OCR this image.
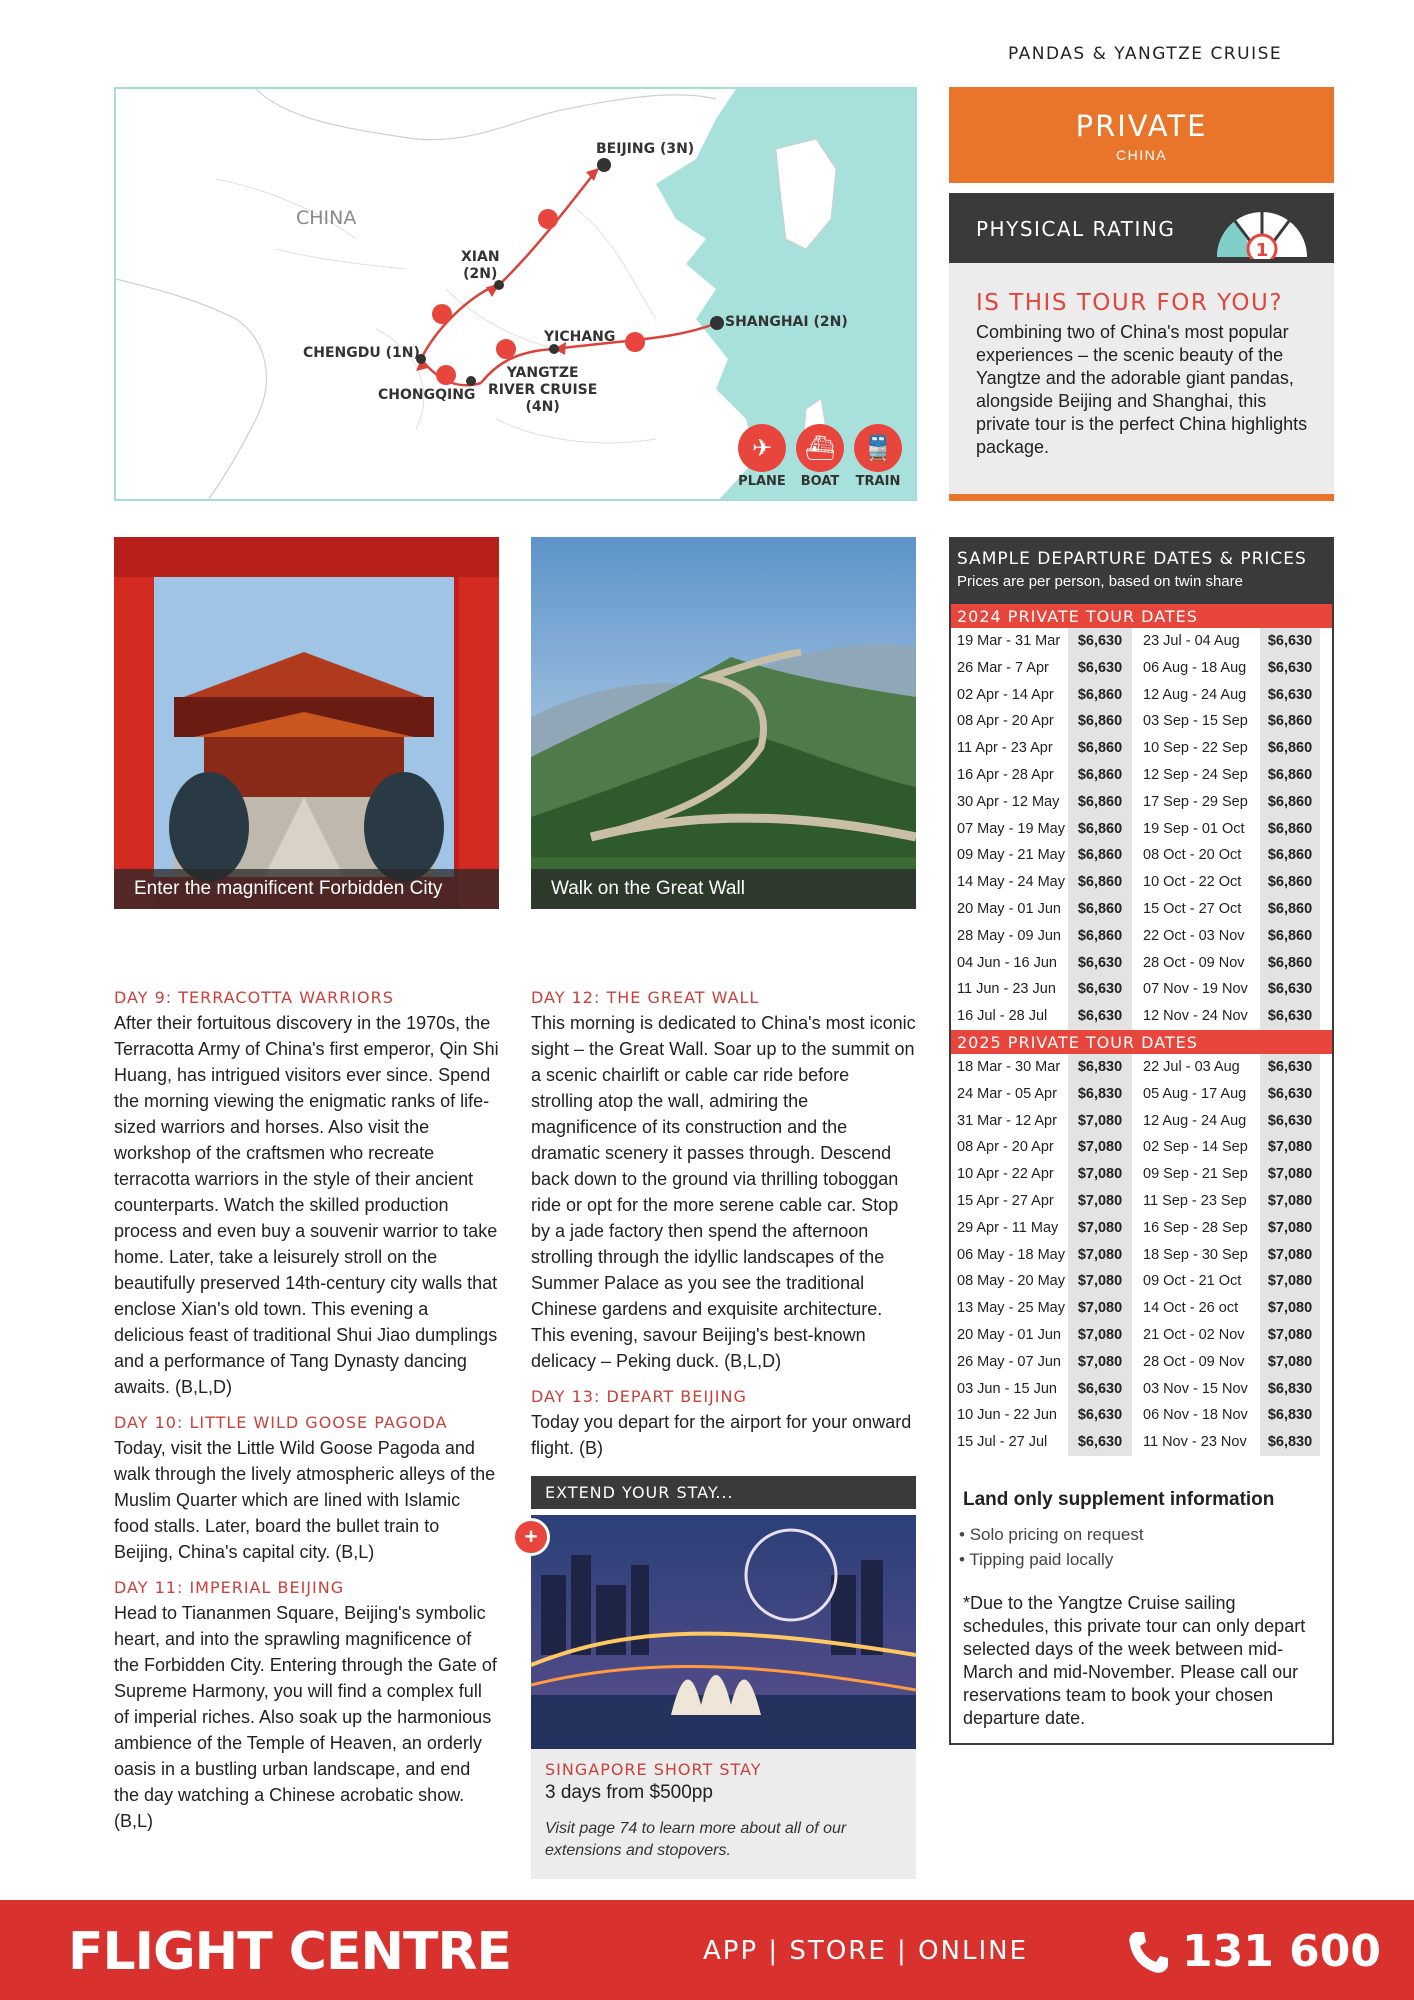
PANDAS & YANGTZE CRUISE
CHINA
BEIJING (3N)
XIAN
(2N)
CHENGDU (1N)
CHONGQING
YICHANG
SHANGHAI (2N)
YANGTZE
RIVER CRUISE
(4N)
✈
PLANE
⛴
BOAT
🚆
TRAIN
PRIVATE
CHINA
PHYSICAL RATING
1
IS THIS TOUR FOR YOU?
Combining two of China's most popular experiences – the scenic beauty of the Yangtze and the adorable giant pandas, alongside Beijing and Shanghai, this private tour is the perfect China highlights package.
Enter the magnificent Forbidden City	Walk on the Great Wall
DAY 9: TERRACOTTA WARRIORS
After their fortuitous discovery in the 1970s, the Terracotta Army of China's first emperor, Qin Shi Huang, has intrigued visitors ever since. Spend the morning viewing the enigmatic ranks of life-sized warriors and horses. Also visit the workshop of the craftsmen who recreate terracotta warriors in the style of their ancient counterparts. Watch the skilled production process and even buy a souvenir warrior to take home. Later, take a leisurely stroll on the beautifully preserved 14th-century city walls that enclose Xian's old town. This evening a delicious feast of traditional Shui Jiao dumplings and a performance of Tang Dynasty dancing awaits. (B,L,D)
DAY 10: LITTLE WILD GOOSE PAGODA
Today, visit the Little Wild Goose Pagoda and walk through the lively atmospheric alleys of the Muslim Quarter which are lined with Islamic food stalls. Later, board the bullet train to Beijing, China's capital city. (B,L)
DAY 11: IMPERIAL BEIJING
Head to Tiananmen Square, Beijing's symbolic heart, and into the sprawling magnificence of the Forbidden City. Entering through the Gate of Supreme Harmony, you will find a complex full of imperial riches. Also soak up the harmonious ambience of the Temple of Heaven, an orderly oasis in a bustling urban landscape, and end the day watching a Chinese acrobatic show. (B,L)
DAY 12: THE GREAT WALL
This morning is dedicated to China's most iconic sight – the Great Wall. Soar up to the summit on a scenic chairlift or cable car ride before strolling atop the wall, admiring the magnificence of its construction and the dramatic scenery it passes through. Descend back down to the ground via thrilling toboggan ride or opt for the more serene cable car. Stop by a jade factory then spend the afternoon strolling through the idyllic landscapes of the Summer Palace as you see the traditional Chinese gardens and exquisite architecture. This evening, savour Beijing's best-known delicacy – Peking duck. (B,L,D)
DAY 13: DEPART BEIJING
Today you depart for the airport for your onward flight. (B)
EXTEND YOUR STAY...
+
SINGAPORE SHORT STAY
3 days from $500pp
Visit page 74 to learn more about all of our extensions and stopovers.
SAMPLE DEPARTURE DATES & PRICES
Prices are per person, based on twin share
2024 PRIVATE TOUR DATES
19 Mar - 31 Mar	$6,630	23 Jul - 04 Aug	$6,630
26 Mar - 7 Apr	$6,630	06 Aug - 18 Aug	$6,630
02 Apr - 14 Apr	$6,860	12 Aug - 24 Aug	$6,630
08 Apr - 20 Apr	$6,860	03 Sep - 15 Sep	$6,860
11 Apr - 23 Apr	$6,860	10 Sep - 22 Sep	$6,860
16 Apr - 28 Apr	$6,860	12 Sep - 24 Sep	$6,860
30 Apr - 12 May	$6,860	17 Sep - 29 Sep	$6,860
07 May - 19 May $6,860	19 Sep - 01 Oct	$6,860
09 May - 21 May $6,860	08 Oct - 20 Oct	$6,860
14 May - 24 May $6,860	10 Oct - 22 Oct	$6,860
20 May - 01 Jun	$6,860	15 Oct - 27 Oct	$6,860
28 May - 09 Jun	$6,860	22 Oct - 03 Nov	$6,860
04 Jun - 16 Jun	$6,630	28 Oct - 09 Nov	$6,860
11 Jun - 23 Jun	$6,630	07 Nov - 19 Nov	$6,630
16 Jul - 28 Jul	$6,630	12 Nov - 24 Nov	$6,630
2025 PRIVATE TOUR DATES
18 Mar - 30 Mar	$6,830	22 Jul - 03 Aug	$6,630
24 Mar - 05 Apr	$6,830	05 Aug - 17 Aug	$6,630
31 Mar - 12 Apr	$7,080	12 Aug - 24 Aug	$6,630
08 Apr - 20 Apr	$7,080	02 Sep - 14 Sep	$7,080
10 Apr - 22 Apr	$7,080	09 Sep - 21 Sep	$7,080
15 Apr - 27 Apr	$7,080	11 Sep - 23 Sep	$7,080
29 Apr - 11 May	$7,080	16 Sep - 28 Sep	$7,080
06 May - 18 May $7,080	18 Sep - 30 Sep	$7,080
08 May - 20 May $7,080	09 Oct - 21 Oct	$7,080
13 May - 25 May $7,080	14 Oct - 26 oct	$7,080
20 May - 01 Jun	$7,080	21 Oct - 02 Nov	$7,080
26 May - 07 Jun	$7,080	28 Oct - 09 Nov	$7,080
03 Jun - 15 Jun	$6,630	03 Nov - 15 Nov	$6,830
10 Jun - 22 Jun	$6,630	06 Nov - 18 Nov	$6,830
15 Jul - 27 Jul	$6,630	11 Nov - 23 Nov	$6,830
Land only supplement information
• Solo pricing on request
• Tipping paid locally
*Due to the Yangtze Cruise sailing schedules, this private tour can only depart selected days of the week between mid-March and mid-November. Please call our reservations team to book your chosen departure date.
FLIGHT CENTRE	APP | STORE | ONLINE	131 600
